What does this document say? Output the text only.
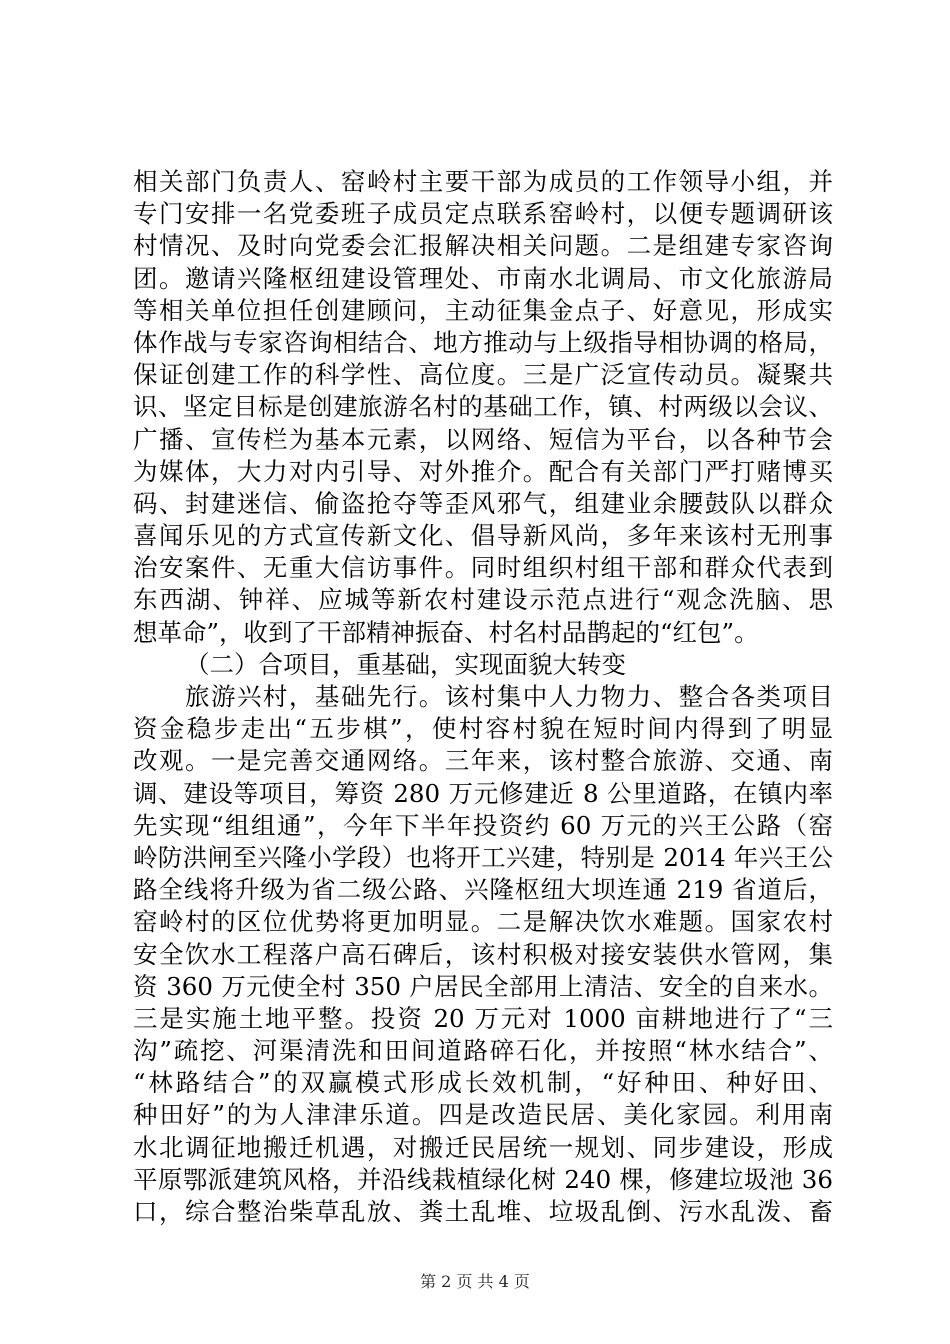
相关部门负责人、窑岭村主要干部为成员的工作领导小组，并
专门安排一名党委班子成员定点联系窑岭村，以便专题调研该
村情况、及时向党委会汇报解决相关问题。二是组建专家咨询
团。邀请兴隆枢纽建设管理处、市南水北调局、市文化旅游局
等相关单位担任创建顾问，主动征集金点子、好意见，形成实
体作战与专家咨询相结合、地方推动与上级指导相协调的格局，
保证创建工作的科学性、高位度。三是广泛宣传动员。凝聚共
识、坚定目标是创建旅游名村的基础工作，镇、村两级以会议、
广播、宣传栏为基本元素，以网络、短信为平台，以各种节会
为媒体，大力对内引导、对外推介。配合有关部门严打赌博买
码、封建迷信、偷盗抢夺等歪风邪气，组建业余腰鼓队以群众
喜闻乐见的方式宣传新文化、倡导新风尚，多年来该村无刑事
治安案件、无重大信访事件。同时组织村组干部和群众代表到
东西湖、钟祥、应城等新农村建设示范点进行“观念洗脑、思
想革命”，收到了干部精神振奋、村名村品鹊起的“红包”。
（二）合项目，重基础，实现面貌大转变
旅游兴村，基础先行。该村集中人力物力、整合各类项目
资金稳步走出“五步棋”，使村容村貌在短时间内得到了明显
改观。一是完善交通网络。三年来，该村整合旅游、交通、南
调、建设等项目，筹资 280 万元修建近 8 公里道路，在镇内率
先实现“组组通”，今年下半年投资约 60 万元的兴王公路（窑
岭防洪闸至兴隆小学段）也将开工兴建，特别是 2014 年兴王公
路全线将升级为省二级公路、兴隆枢纽大坝连通 219 省道后，
窑岭村的区位优势将更加明显。二是解决饮水难题。国家农村
安全饮水工程落户高石碑后，该村积极对接安装供水管网，集
资 360 万元使全村 350 户居民全部用上清洁、安全的自来水。
三是实施土地平整。投资 20 万元对 1000 亩耕地进行了“三
沟”疏挖、河渠清洗和田间道路碎石化，并按照“林水结合”、
“林路结合”的双赢模式形成长效机制，“好种田、种好田、
种田好”的为人津津乐道。四是改造民居、美化家园。利用南
水北调征地搬迁机遇，对搬迁民居统一规划、同步建设，形成
平原鄂派建筑风格，并沿线栽植绿化树 240 棵，修建垃圾池 36
口，综合整治柴草乱放、粪土乱堆、垃圾乱倒、污水乱泼、畜
第 2 页 共 4 页
